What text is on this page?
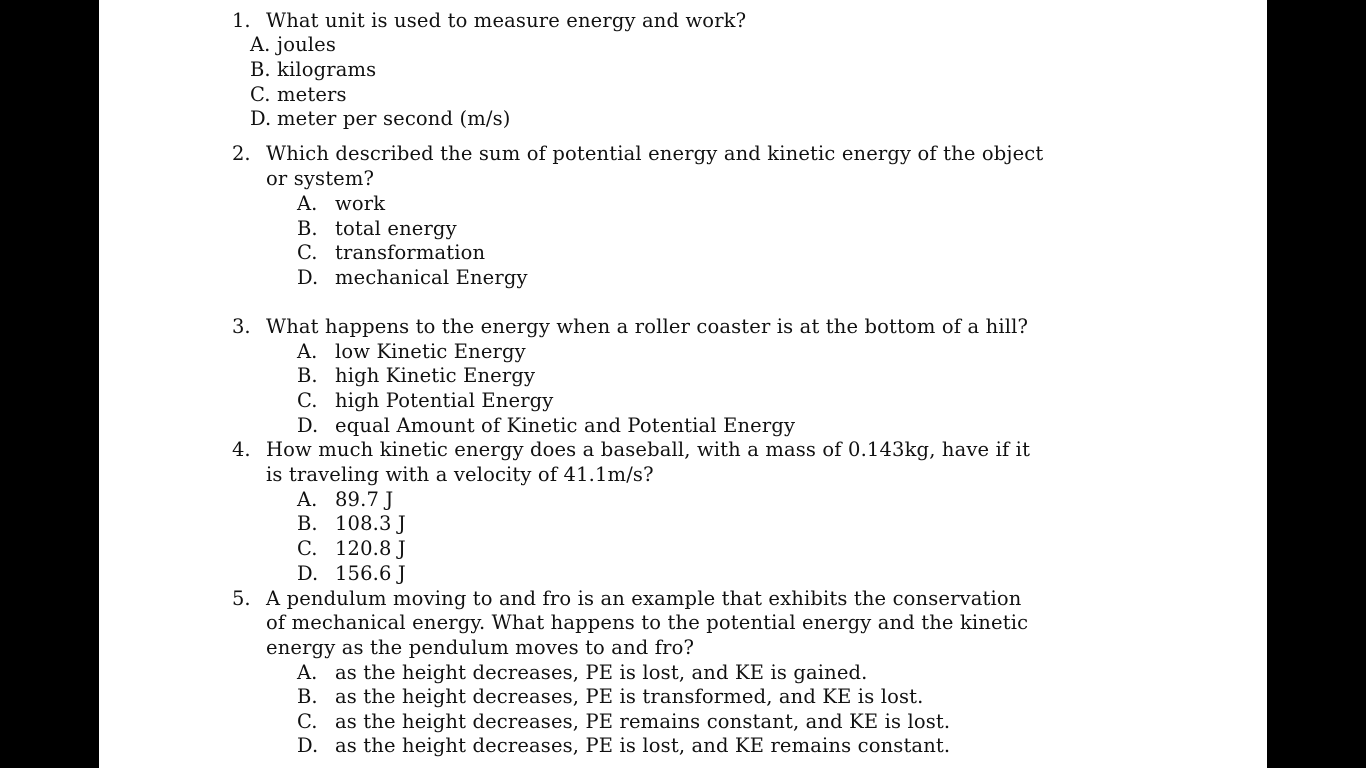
1. What unit is used to measure energy and work?
A. joules
B. kilograms
C. meters
D. meter per second (m/s)
2. Which described the sum of potential energy and kinetic energy of the object
or system?
A. work
B. total energy
C. transformation
D. mechanical Energy
3. What happens to the energy when a roller coaster is at the bottom of a hill?
A. low Kinetic Energy
B. high Kinetic Energy
C. high Potential Energy
D. equal Amount of Kinetic and Potential Energy
4. How much kinetic energy does a baseball, with a mass of 0.143kg, have if it
is traveling with a velocity of 41.1m/s?
A. 89.7 J
B. 108.3 J
C. 120.8 J
D. 156.6 J
5. A pendulum moving to and fro is an example that exhibits the conservation
of mechanical energy. What happens to the potential energy and the kinetic
energy as the pendulum moves to and fro?
A. as the height decreases, PE is lost, and KE is gained.
B. as the height decreases, PE is transformed, and KE is lost.
C. as the height decreases, PE remains constant, and KE is lost.
D. as the height decreases, PE is lost, and KE remains constant.
